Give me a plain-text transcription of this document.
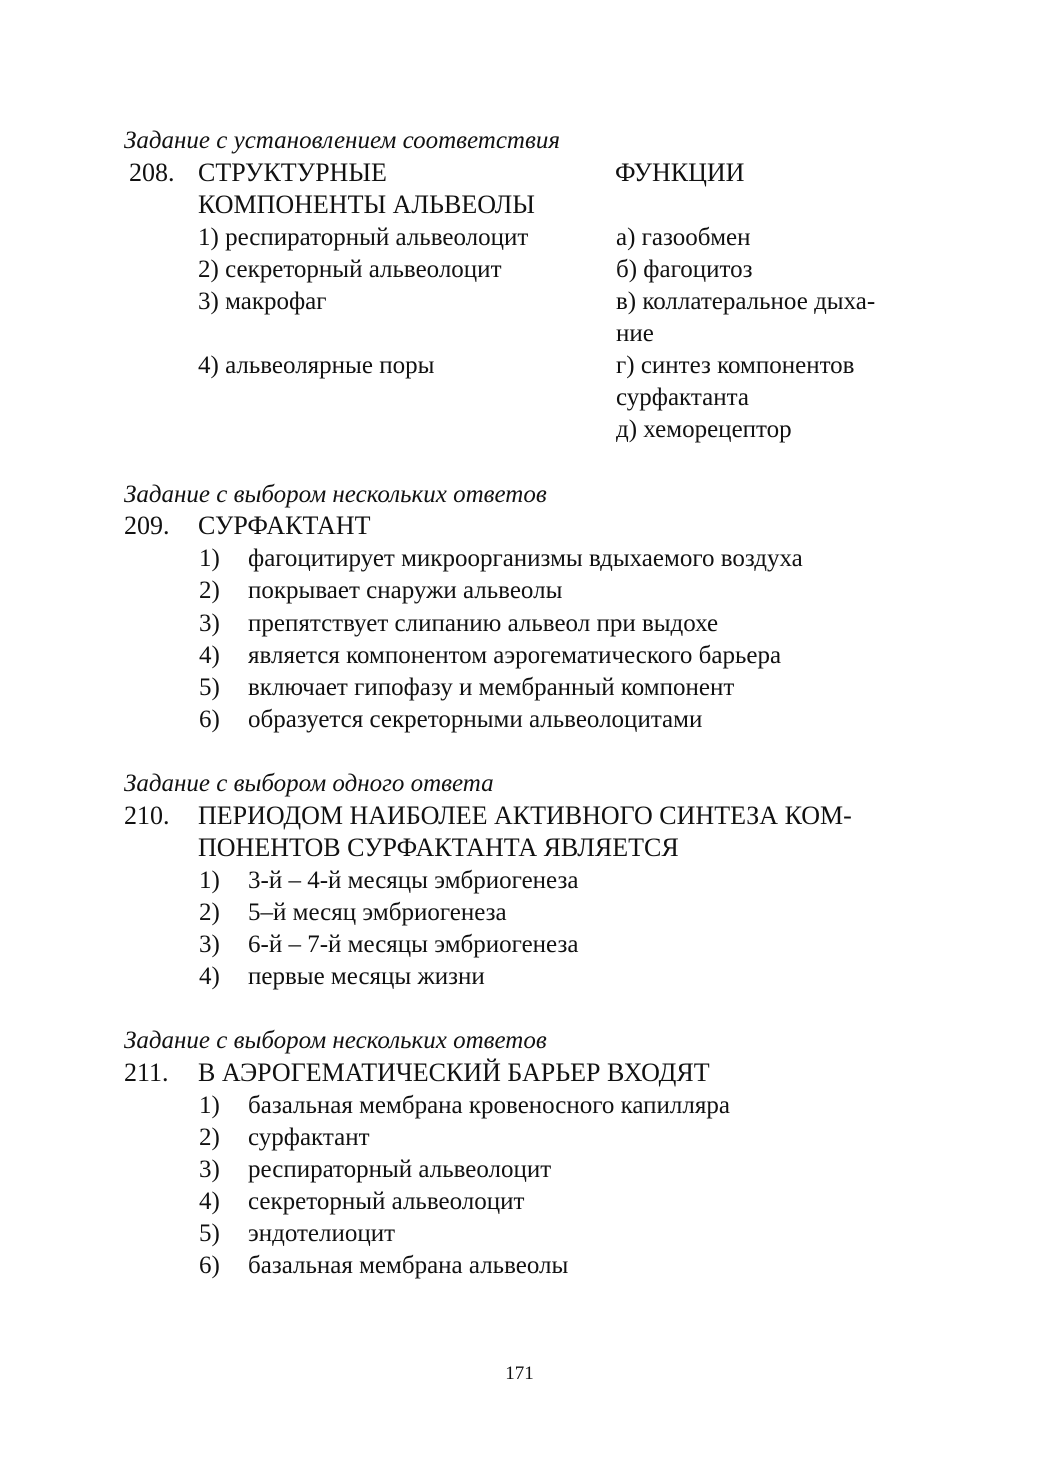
Задание с установлением соответствия
208. СТРУКТУРНЫЕ
КОМПОНЕНТЫ АЛЬВЕОЛЫ
ФУНКЦИИ
1) респираторный альвеолоцит
2) секреторный альвеолоцит
3) макрофаг
4) альвеолярные поры
а) газообмен
б) фагоцитоз
в) коллатеральное дыха-
ние
г) синтез компонентов
сурфактанта
д) хеморецептор
Задание с выбором нескольких ответов
209. СУРФАКТАНТ
1) фагоцитирует микроорганизмы вдыхаемого воздуха
2) покрывает снаружи альвеолы
3) препятствует слипанию альвеол при выдохе
4) является компонентом аэрогематического барьера
5) включает гипофазу и мембранный компонент
6) образуется секреторными альвеолоцитами
Задание с выбором одного ответа
210. ПЕРИОДОМ НАИБОЛЕЕ АКТИВНОГО СИНТЕЗА КОМ-
ПОНЕНТОВ СУРФАКТАНТА ЯВЛЯЕТСЯ
1) 3-й – 4-й месяцы эмбриогенеза
2) 5–й месяц эмбриогенеза
3) 6-й – 7-й месяцы эмбриогенеза
4) первые месяцы жизни
Задание с выбором нескольких ответов
211. В АЭРОГЕМАТИЧЕСКИЙ БАРЬЕР ВХОДЯТ
1) базальная мембрана кровеносного капилляра
2) сурфактант
3) респираторный альвеолоцит
4) секреторный альвеолоцит
5) эндотелиоцит
6) базальная мембрана альвеолы
171
